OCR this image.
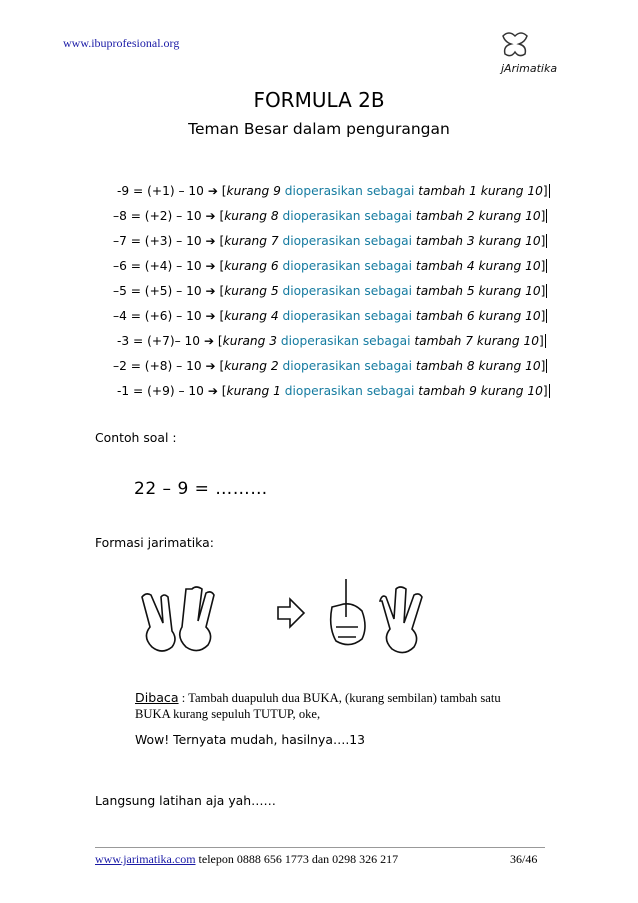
www.ibuprofesional.org
jArimatika
FORMULA 2B
Teman Besar dalam pengurangan
-9 = (+1) – 10 ➔ [kurang 9 dioperasikan sebagai tambah 1 kurang 10]
–8 = (+2) – 10 ➔ [kurang 8 dioperasikan sebagai tambah 2 kurang 10]
–7 = (+3) – 10 ➔ [kurang 7 dioperasikan sebagai tambah 3 kurang 10]
–6 = (+4) – 10 ➔ [kurang 6 dioperasikan sebagai tambah 4 kurang 10]
–5 = (+5) – 10 ➔ [kurang 5 dioperasikan sebagai tambah 5 kurang 10]
–4 = (+6) – 10 ➔ [kurang 4 dioperasikan sebagai tambah 6 kurang 10]
-3 = (+7)– 10 ➔ [kurang 3 dioperasikan sebagai tambah 7 kurang 10]
–2 = (+8) – 10 ➔ [kurang 2 dioperasikan sebagai tambah 8 kurang 10]
-1 = (+9) – 10 ➔ [kurang 1 dioperasikan sebagai tambah 9 kurang 10]
Contoh soal :
22 – 9 = ………
Formasi jarimatika:
Dibaca : Tambah duapuluh dua BUKA, (kurang sembilan) tambah satu
BUKA kurang sepuluh TUTUP, oke,
Wow! Ternyata mudah, hasilnya….13
Langsung latihan aja yah……
www.jarimatika.com telepon 0888 656 1773 dan 0298 326 217	36/46
